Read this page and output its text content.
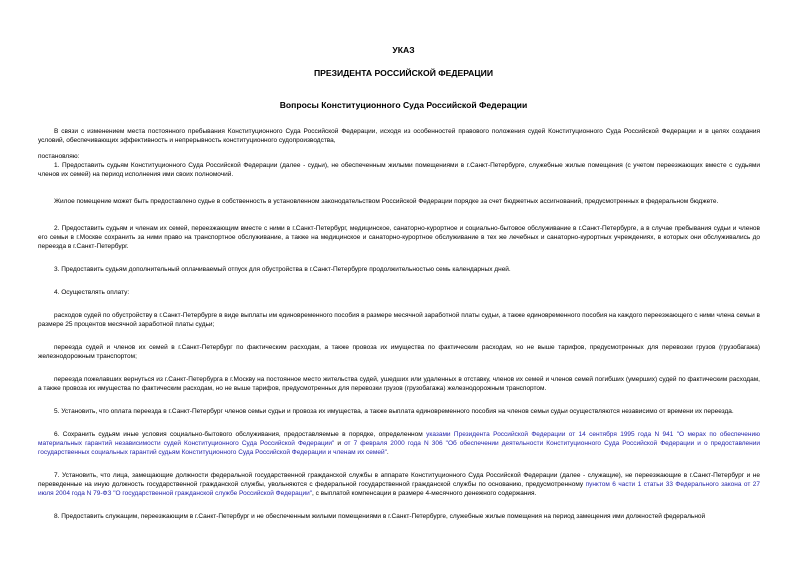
УКАЗ
ПРЕЗИДЕНТА РОССИЙСКОЙ ФЕДЕРАЦИИ
Вопросы Конституционного Суда Российской Федерации

В связи с изменением места постоянного пребывания Конституционного Суда Российской Федерации, исходя из особенностей правового положения судей Конституционного Суда Российской Федерации и в целях создания условий, обеспечивающих эффективность и непрерывность конституционного судопроизводства,

постановляю:

1. Предоставить судьям Конституционного Суда Российской Федерации (далее - судьи), не обеспеченным жилыми помещениями в г.Санкт-Петербурге, служебные жилые помещения (с учетом переезжающих вместе с судьями членов их семей) на период исполнения ими своих полномочий.

Жилое помещение может быть предоставлено судье в собственность в установленном законодательством Российской Федерации порядке за счет бюджетных ассигнований, предусмотренных в федеральном бюджете.

2. Предоставить судьям и членам их семей, переезжающим вместе с ними в г.Санкт-Петербург, медицинское, санаторно-курортное и социально-бытовое обслуживание в г.Санкт-Петербурге, а в случае пребывания судьи и членов его семьи в г.Москве сохранить за ними право на транспортное обслуживание, а также на медицинское и санаторно-курортное обслуживание в тех же лечебных и санаторно-курортных учреждениях, в которых они обслуживались до переезда в г.Санкт-Петербург.

3. Предоставить судьям дополнительный оплачиваемый отпуск для обустройства в г.Санкт-Петербурге продолжительностью семь календарных дней.

4. Осуществлять оплату:

расходов судей по обустройству в г.Санкт-Петербурге в виде выплаты им единовременного пособия в размере месячной заработной платы судьи, а также единовременного пособия на каждого переезжающего с ними члена семьи в размере 25 процентов месячной заработной платы судьи;

переезда судей и членов их семей в г.Санкт-Петербург по фактическим расходам, а также провоза их имущества по фактическим расходам, но не выше тарифов, предусмотренных для перевозки грузов (грузобагажа) железнодорожным транспортом;

переезда пожелавших вернуться из г.Санкт-Петербурга в г.Москву на постоянное место жительства судей, ушедших или удаленных в отставку, членов их семей и членов семей погибших (умерших) судей по фактическим расходам, а также провоза их имущества по фактическим расходам, но не выше тарифов, предусмотренных для перевозки грузов (грузобагажа) железнодорожным транспортом.

5. Установить, что оплата переезда в г.Санкт-Петербург членов семьи судьи и провоза их имущества, а также выплата единовременного пособия на членов семьи судьи осуществляются независимо от времени их переезда.

6. Сохранить судьям иные условия социально-бытового обслуживания, предоставляемые в порядке, определенном указами Президента Российской Федерации от 14 сентября 1995 года N 941 "О мерах по обеспечению материальных гарантий независимости судей Конституционного Суда Российской Федерации" и от 7 февраля 2000 года N 306 "Об обеспечении деятельности Конституционного Суда Российской Федерации и о предоставлении государственных социальных гарантий судьям Конституционного Суда Российской Федерации и членам их семей".

7. Установить, что лица, замещающие должности федеральной государственной гражданской службы в аппарате Конституционного Суда Российской Федерации (далее - служащие), не переезжающие в г.Санкт-Петербург и не переведенные на иную должность государственной гражданской службы, увольняются с федеральной государственной гражданской службы по основанию, предусмотренному пунктом 6 части 1 статьи 33 Федерального закона от 27 июля 2004 года N 79-ФЗ "О государственной гражданской службе Российской Федерации", с выплатой компенсации в размере 4-месячного денежного содержания.

8. Предоставить служащим, переезжающим в г.Санкт-Петербург и не обеспеченным жилыми помещениями в г.Санкт-Петербурге, служебные жилые помещения на период замещения ими должностей федеральной
